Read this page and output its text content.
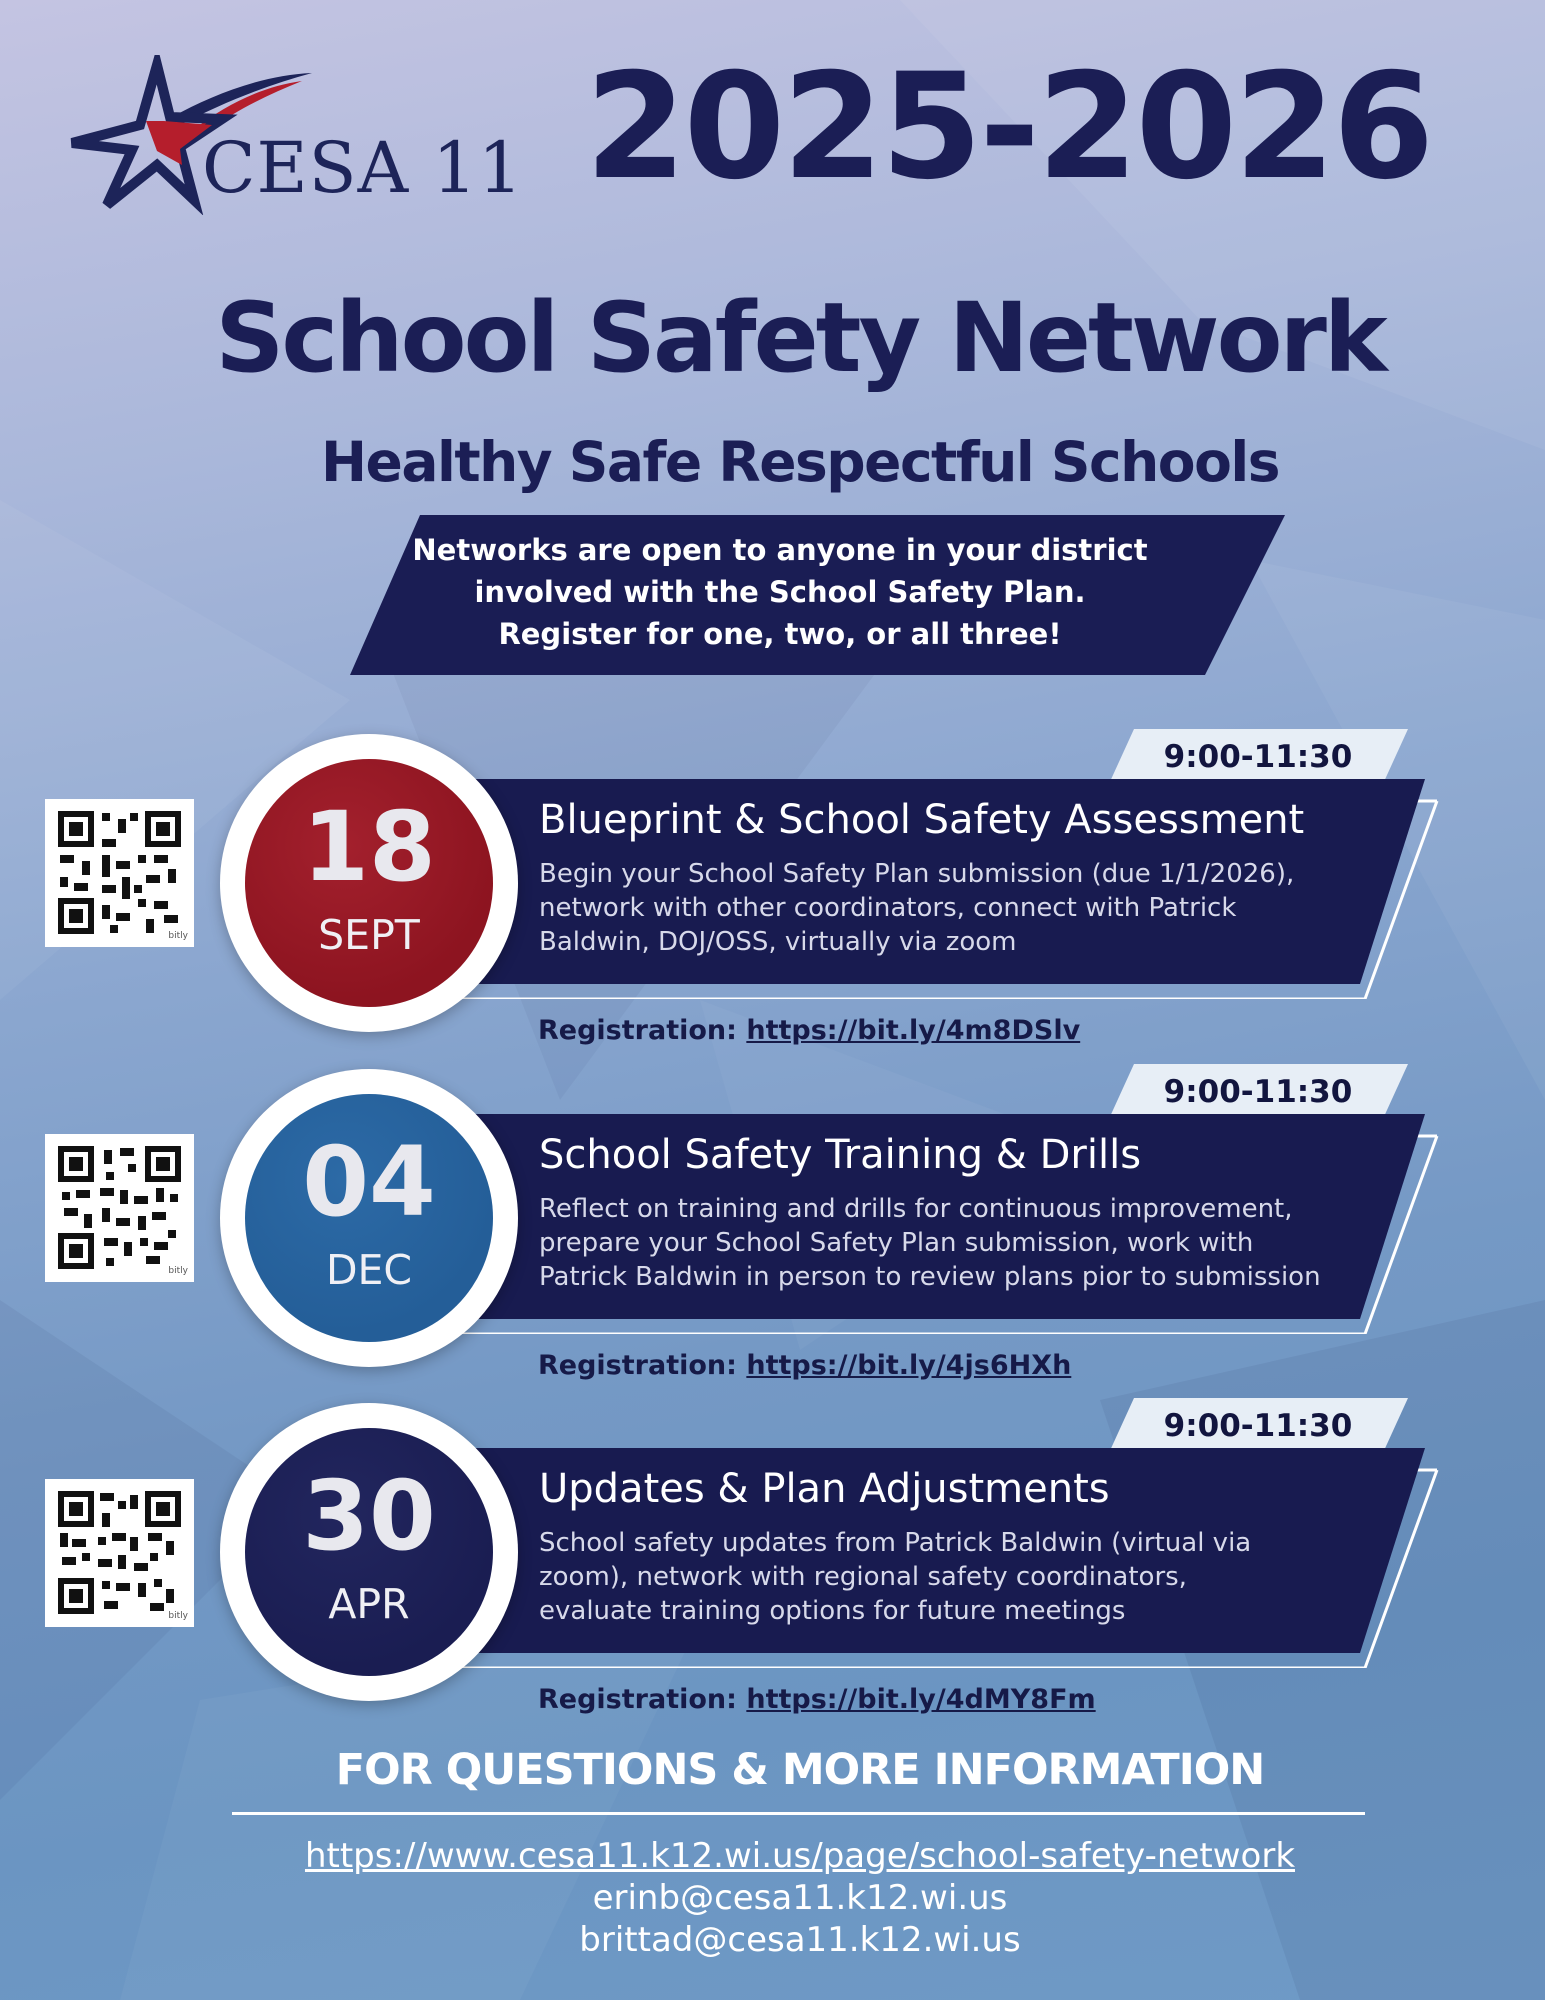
CESA 11 2025-2026
School Safety Network
Healthy Safe Respectful Schools
Networks are open to anyone in your district
involved with the School Safety Plan.
Register for one, two, or all three!
bitly
9:00-11:30
Blueprint & School Safety Assessment
Begin your School Safety Plan submission (due 1/1/2026),
network with other coordinators, connect with Patrick
Baldwin, DOJ/OSS, virtually via zoom
18
SEPT
Registration: https://bit.ly/4m8DSlv
bitly
9:00-11:30
School Safety Training & Drills
Reflect on training and drills for continuous improvement,
prepare your School Safety Plan submission, work with
Patrick Baldwin in person to review plans pior to submission
04
DEC
Registration: https://bit.ly/4js6HXh
bitly
9:00-11:30
Updates & Plan Adjustments
School safety updates from Patrick Baldwin (virtual via
zoom), network with regional safety coordinators,
evaluate training options for future meetings
30
APR
Registration: https://bit.ly/4dMY8Fm
FOR QUESTIONS & MORE INFORMATION
https://www.cesa11.k12.wi.us/page/school-safety-network
erinb@cesa11.k12.wi.us
brittad@cesa11.k12.wi.us
